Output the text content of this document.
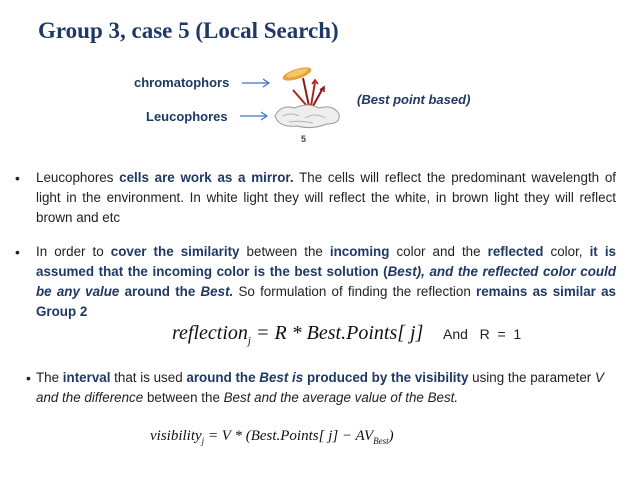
Group 3, case 5 (Local Search)
chromatophors
Leucophores
5
(Best point based)
• Leucophores cells are work as a mirror. The cells will reflect the predominant wavelength of light in the environment. In white light they will reflect the white, in brown light they will reflect brown and etc
• In order to cover the similarity between the incoming color and the reflected color, it is assumed that the incoming color is the best solution (Best), and the reflected color could be any value around the Best. So formulation of finding the reflection remains as similar as Group 2
reflection$_j$ = R * Best.Points[ j] And   R  =  1
• The interval that is used around the Best is produced by the visibility using the parameter V and the difference between the Best and the average value of the Best.
visibility$_j$ = V * (Best.Points[ $j] - AV_{Best}$)
